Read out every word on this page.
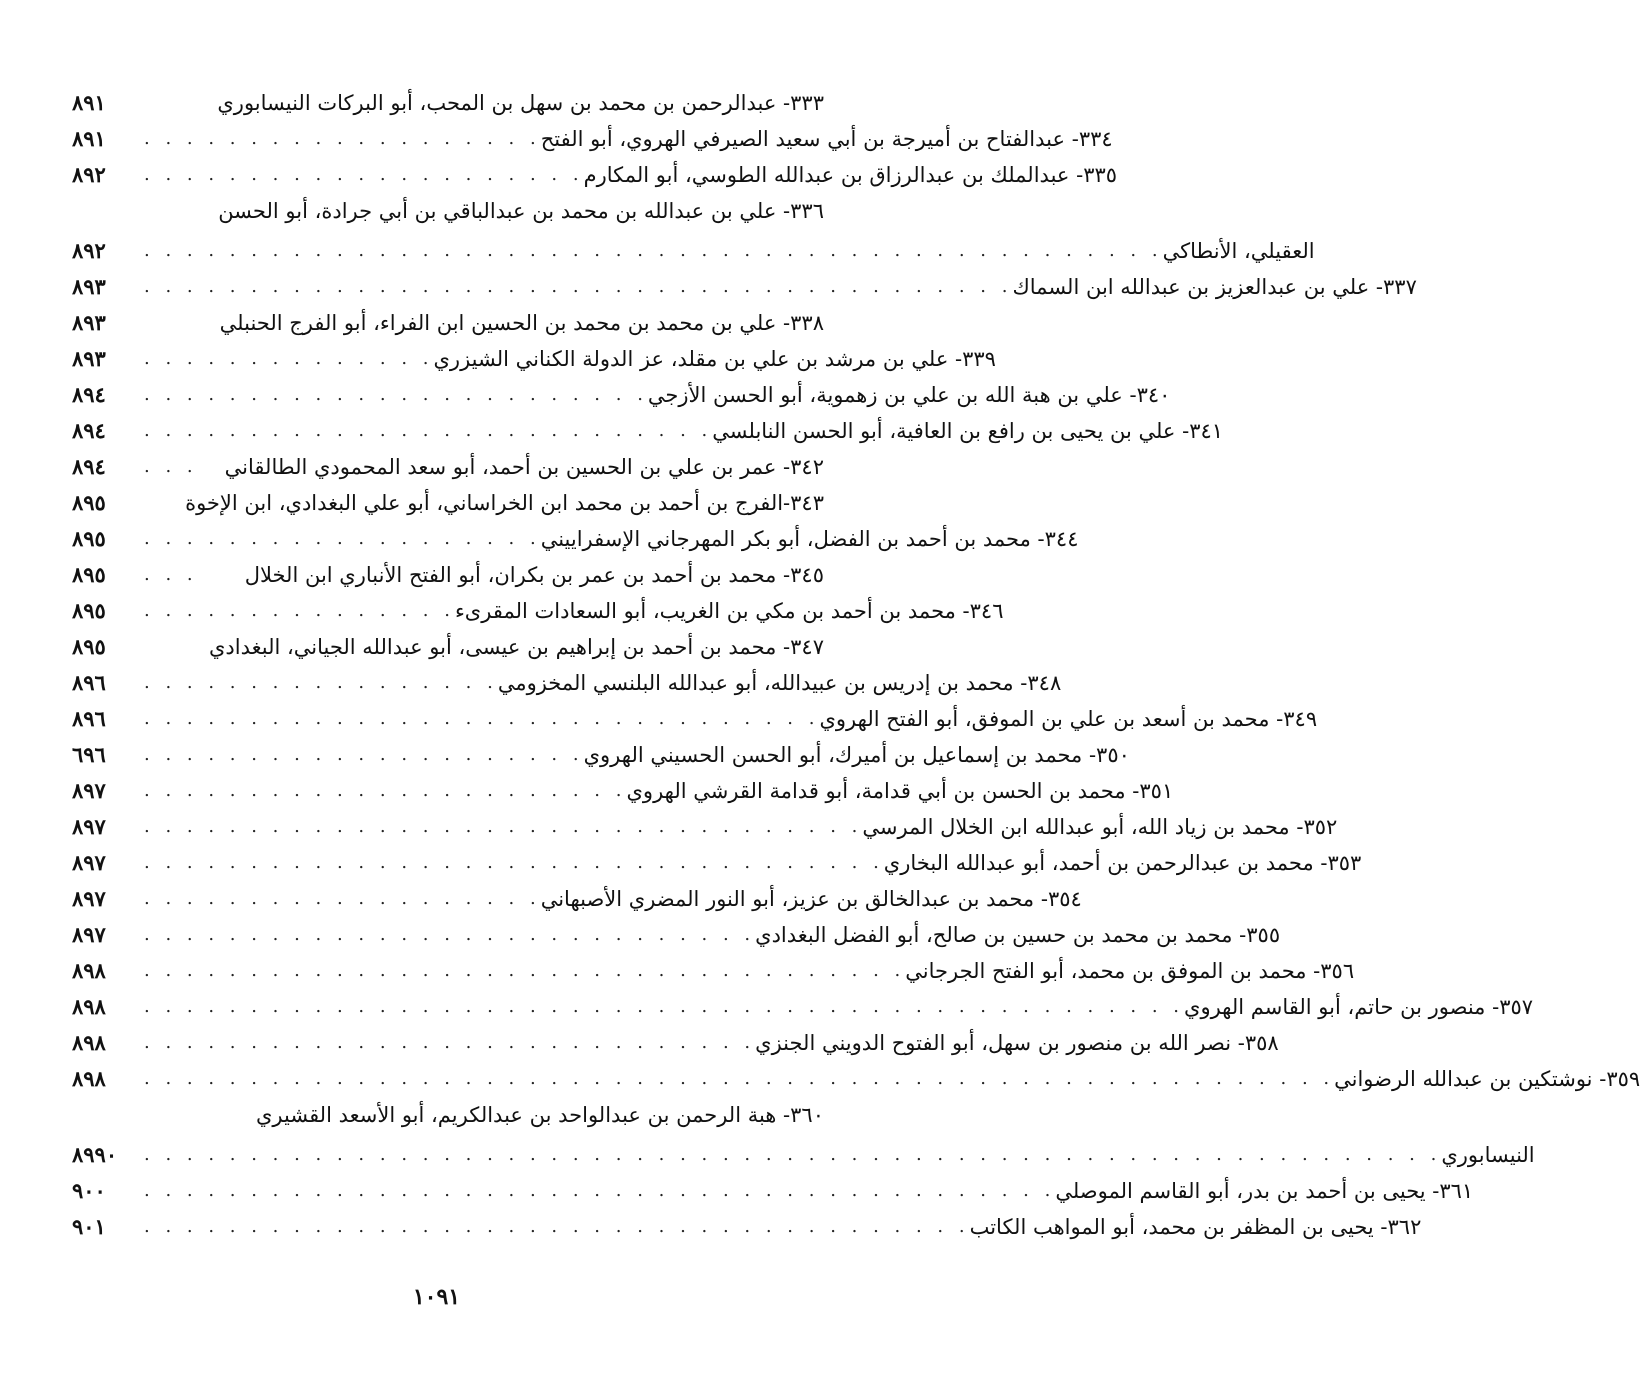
٨٩١	٣٣٣- عبدالرحمن بن محمد بن سهل بن المحب، أبو البركات النيسابوري
٨٩١	. . . . . . . . . . . . . . . . . . . ٣٣٤- عبدالفتاح بن أميرجة بن أبي سعيد الصيرفي الهروي، أبو الفتح
٨٩٢	. . . . . . . . . . . . . . . . . . . . . ٣٣٥- عبدالملك بن عبدالرزاق بن عبدالله الطوسي، أبو المكارم
٣٣٦- علي بن عبدالله بن محمد بن عبدالباقي بن أبي جرادة، أبو الحسن
٨٩٢	. . . . . . . . . . . . . . . . . . . . . . . . . . . . . . . . . . . . . . . . . . . . . . . . العقيلي، الأنطاكي
٨٩٣	. . . . . . . . . . . . . . . . . . . . . . . . . . . . . . . . . . . . . . . . . ٣٣٧- علي بن عبدالعزيز بن عبدالله ابن السماك
٨٩٣	٣٣٨- علي بن محمد بن محمد بن الحسين ابن الفراء، أبو الفرج الحنبلي
٨٩٣	. . . . . . . . . . . . . . ٣٣٩- علي بن مرشد بن علي بن مقلد، عز الدولة الكناني الشيزري
٨٩٤	. . . . . . . . . . . . . . . . . . . . . . . . ٣٤٠- علي بن هبة الله بن علي بن زهموية، أبو الحسن الأزجي
٨٩٤	. . . . . . . . . . . . . . . . . . . . . . . . . . . ٣٤١- علي بن يحيى بن رافع بن العافية، أبو الحسن النابلسي
٨٩٤	. . .	٣٤٢- عمر بن علي بن الحسين بن أحمد، أبو سعد المحمودي الطالقاني
٨٩٥	٣٤٣-الفرج بن أحمد بن محمد ابن الخراساني، أبو علي البغدادي، ابن الإخوة
٨٩٥	. . . . . . . . . . . . . . . . . . . ٣٤٤- محمد بن أحمد بن الفضل، أبو بكر المهرجاني الإسفراييني
٨٩٥	. . .	٣٤٥- محمد بن أحمد بن عمر بن بكران، أبو الفتح الأنباري ابن الخلال
٨٩٥	. . . . . . . . . . . . . . . ٣٤٦- محمد بن أحمد بن مكي بن الغريب، أبو السعادات المقرىء
٨٩٥	٣٤٧- محمد بن أحمد بن إبراهيم بن عيسى، أبو عبدالله الجياني، البغدادي
٨٩٦	. . . . . . . . . . . . . . . . . ٣٤٨- محمد بن إدريس بن عبيدالله، أبو عبدالله البلنسي المخزومي
٨٩٦	. . . . . . . . . . . . . . . . . . . . . . . . . . . . . . . . ٣٤٩- محمد بن أسعد بن علي بن الموفق، أبو الفتح الهروي
٦٩٦	. . . . . . . . . . . . . . . . . . . . . ٣٥٠- محمد بن إسماعيل بن أميرك، أبو الحسن الحسيني الهروي
٨٩٧	. . . . . . . . . . . . . . . . . . . . . . . ٣٥١- محمد بن الحسن بن أبي قدامة، أبو قدامة القرشي الهروي
٨٩٧	. . . . . . . . . . . . . . . . . . . . . . . . . . . . . . . . . . ٣٥٢- محمد بن زياد الله، أبو عبدالله ابن الخلال المرسي
٨٩٧	. . . . . . . . . . . . . . . . . . . . . . . . . . . . . . . . . . . ٣٥٣- محمد بن عبدالرحمن بن أحمد، أبو عبدالله البخاري
٨٩٧	. . . . . . . . . . . . . . . . . . . ٣٥٤- محمد بن عبدالخالق بن عزيز، أبو النور المضري الأصبهاني
٨٩٧	. . . . . . . . . . . . . . . . . . . . . . . . . . . . . ٣٥٥- محمد بن محمد بن حسين بن صالح، أبو الفضل البغدادي
٨٩٨	. . . . . . . . . . . . . . . . . . . . . . . . . . . . . . . . . . . . ٣٥٦- محمد بن الموفق بن محمد، أبو الفتح الجرجاني
٨٩٨	. . . . . . . . . . . . . . . . . . . . . . . . . . . . . . . . . . . . . . . . . . . . . . . . . ٣٥٧- منصور بن حاتم، أبو القاسم الهروي
٨٩٨	. . . . . . . . . . . . . . . . . . . . . . . . . . . . . ٣٥٨- نصر الله بن منصور بن سهل، أبو الفتوح الدويني الجنزي
٨٩٨	. . . . . . . . . . . . . . . . . . . . . . . . . . . . . . . . . . . . . . . . . . . . . . . . . . . . . . . . ٣٥٩- نوشتكين بن عبدالله الرضواني
٣٦٠- هبة الرحمن بن عبدالواحد بن عبدالكريم، أبو الأسعد القشيري
٨٩٩٠	. . . . . . . . . . . . . . . . . . . . . . . . . . . . . . . . . . . . . . . . . . . . . . . . . . . . . . . . . . . . . النيسابوري
٩٠٠	. . . . . . . . . . . . . . . . . . . . . . . . . . . . . . . . . . . . . . . . . . . ٣٦١- يحيى بن أحمد بن بدر، أبو القاسم الموصلي
٩٠١	. . . . . . . . . . . . . . . . . . . . . . . . . . . . . . . . . . . . . . . ٣٦٢- يحيى بن المظفر بن محمد، أبو المواهب الكاتب
١٠٩١
